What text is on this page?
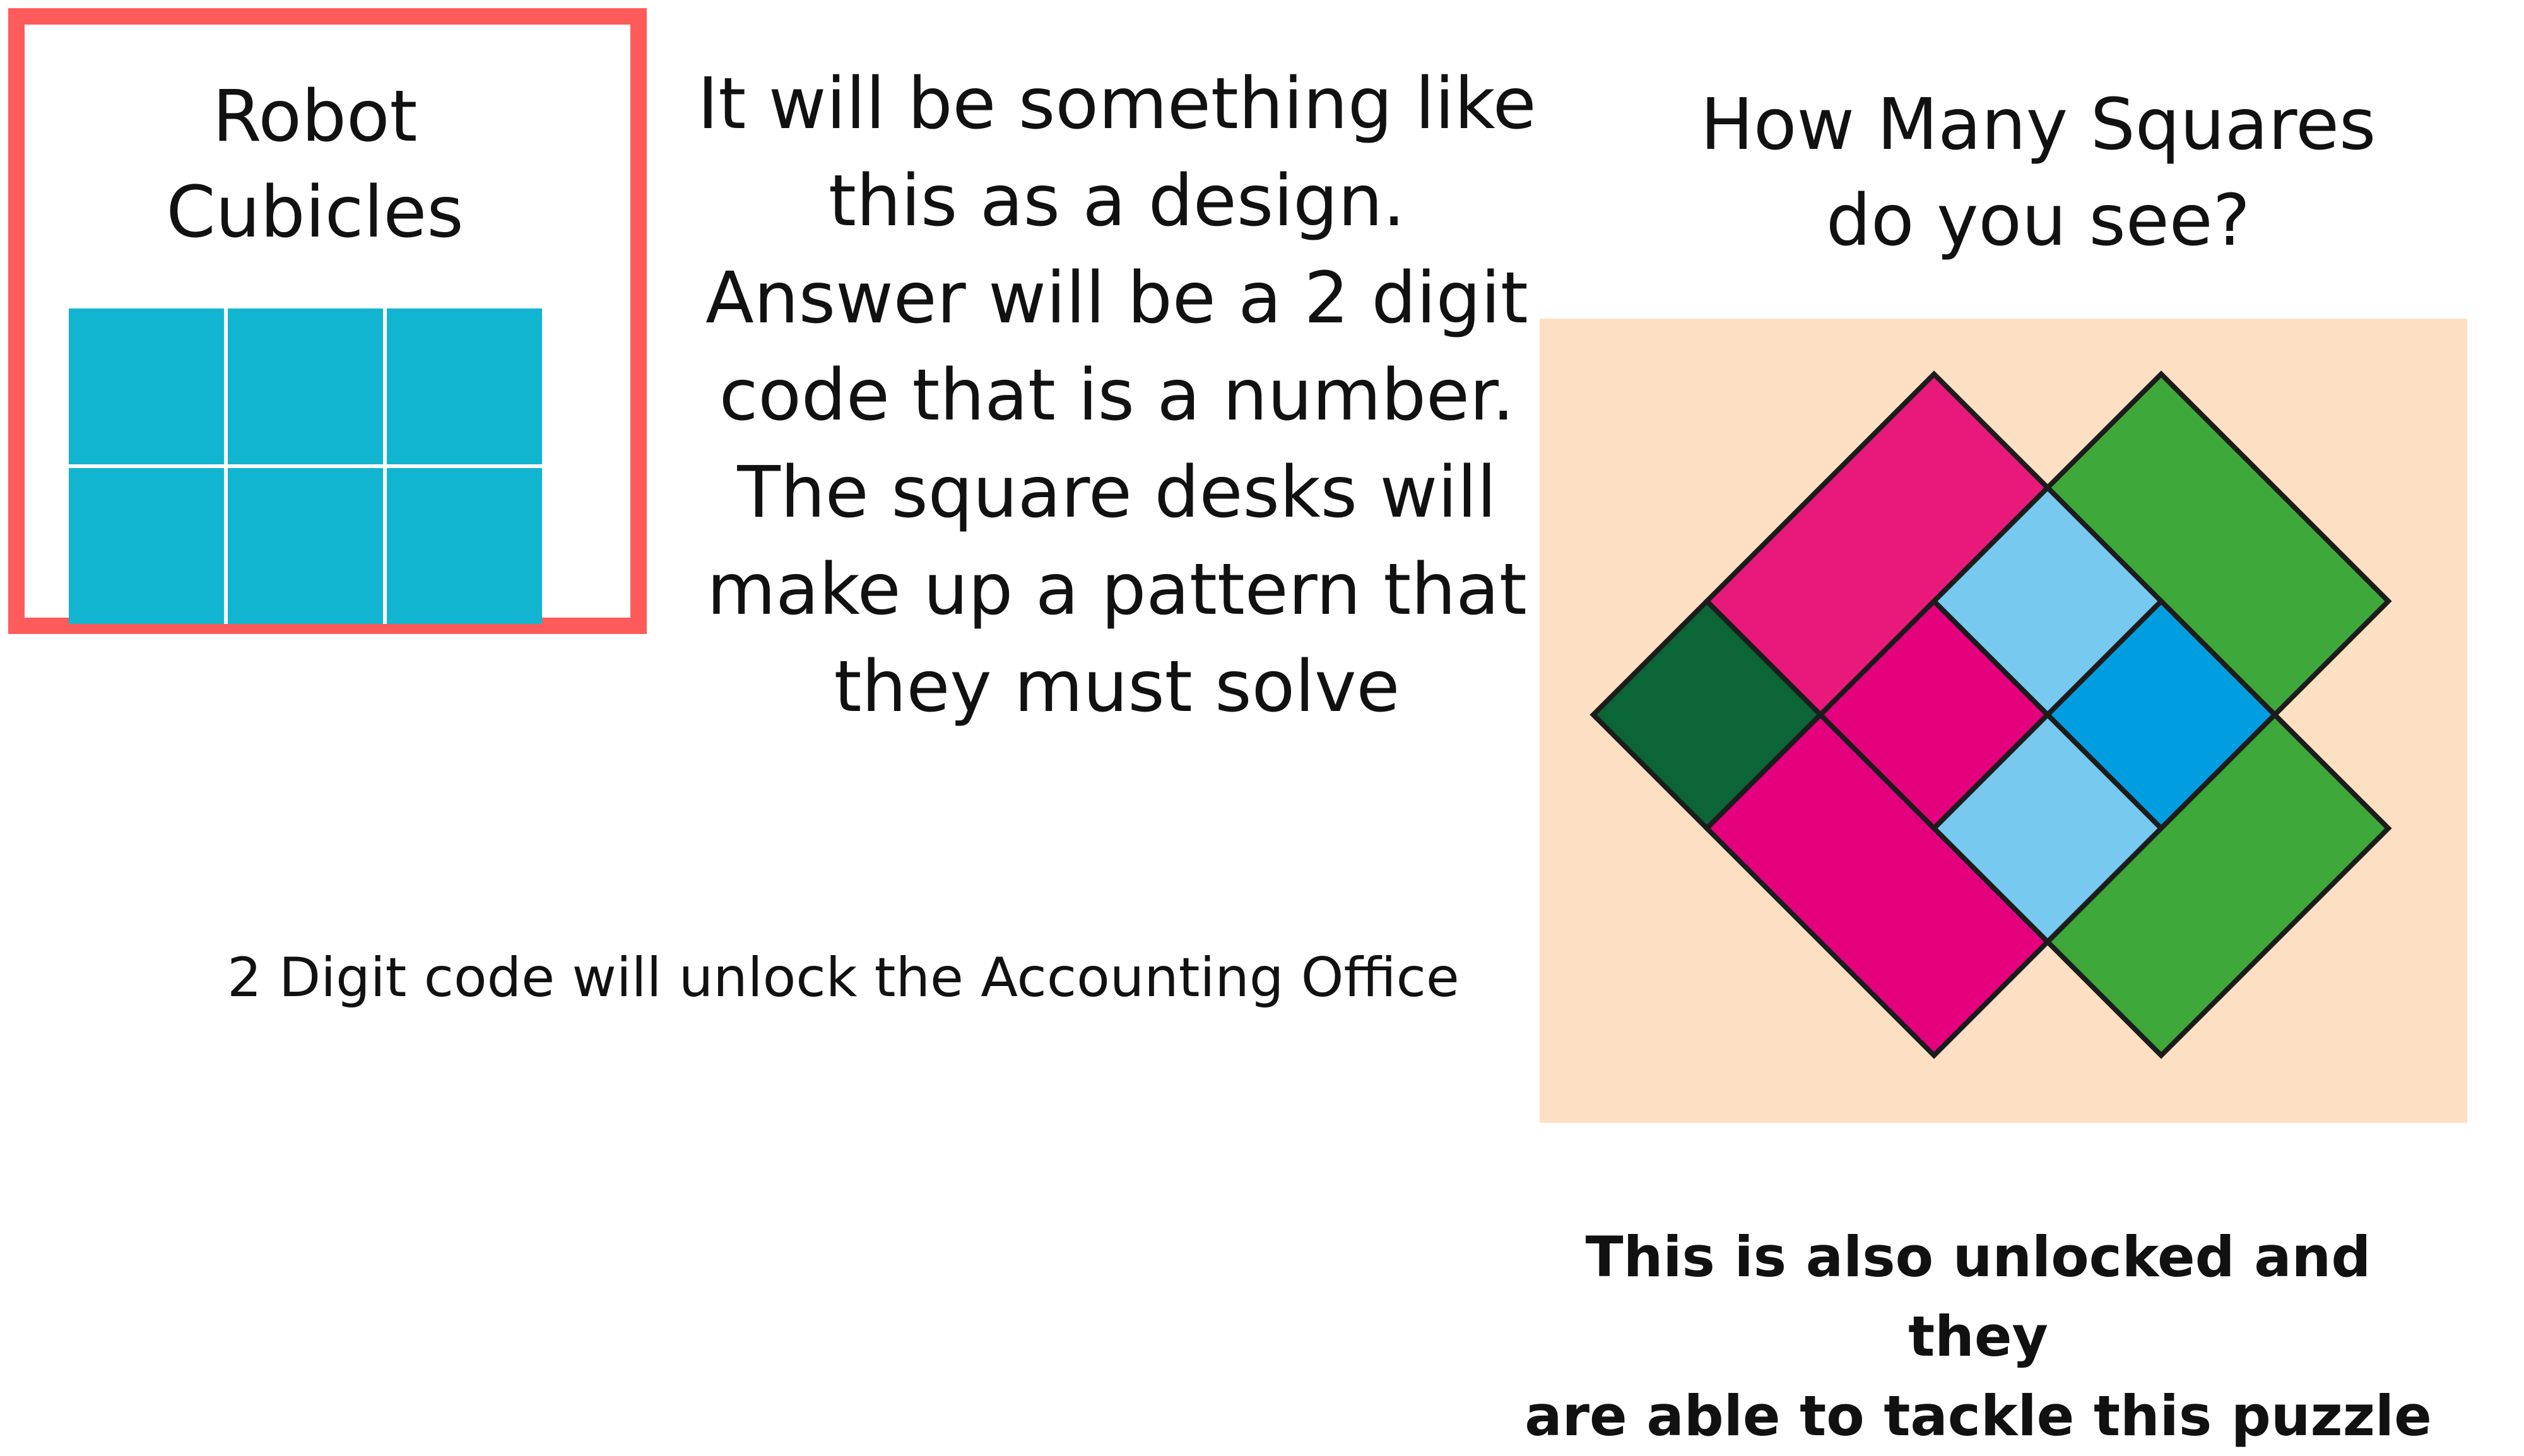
Robot
Cubicles
It will be something like
this as a design.
Answer will be a 2 digit
code that is a number.
The square desks will
make up a pattern that
they must solve
2 Digit code will unlock the Accounting Office
How Many Squares
do you see?
This is also unlocked and they
are able to tackle this puzzle
